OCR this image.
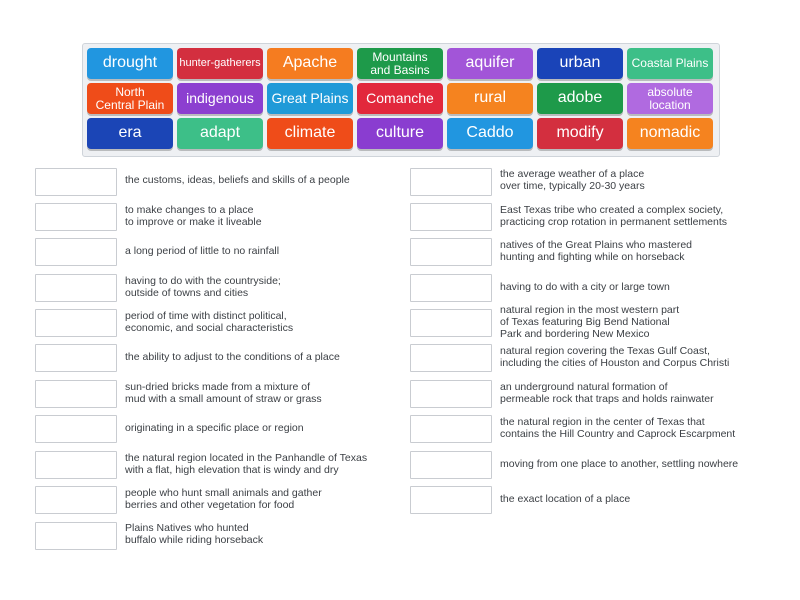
drought	hunter-gatherers	Apache	Mountains
and Basins	aquifer	urban	Coastal Plains
North
Central Plain	indigenous	Great Plains	Comanche	rural	adobe	absolute
location
era	adapt	climate	culture	Caddo	modify	nomadic
the customs, ideas, beliefs and skills of a people
to make changes to a place
to improve or make it liveable
a long period of little to no rainfall
having to do with the countryside;
outside of towns and cities
period of time with distinct political,
economic, and social characteristics
the ability to adjust to the conditions of a place
sun-dried bricks made from a mixture of
mud with a small amount of straw or grass
originating in a specific place or region
the natural region located in the Panhandle of Texas
with a flat, high elevation that is windy and dry
people who hunt small animals and gather
berries and other vegetation for food
Plains Natives who hunted
buffalo while riding horseback
the average weather of a place
over time, typically 20-30 years
East Texas tribe who created a complex society,
practicing crop rotation in permanent settlements
natives of the Great Plains who mastered
hunting and fighting while on horseback
having to do with a city or large town
natural region in the most western part
of Texas featuring Big Bend National
Park and bordering New Mexico
natural region covering the Texas Gulf Coast,
including the cities of Houston and Corpus Christi
an underground natural formation of
permeable rock that traps and holds rainwater
the natural region in the center of Texas that
contains the Hill Country and Caprock Escarpment
moving from one place to another, settling nowhere
the exact location of a place
